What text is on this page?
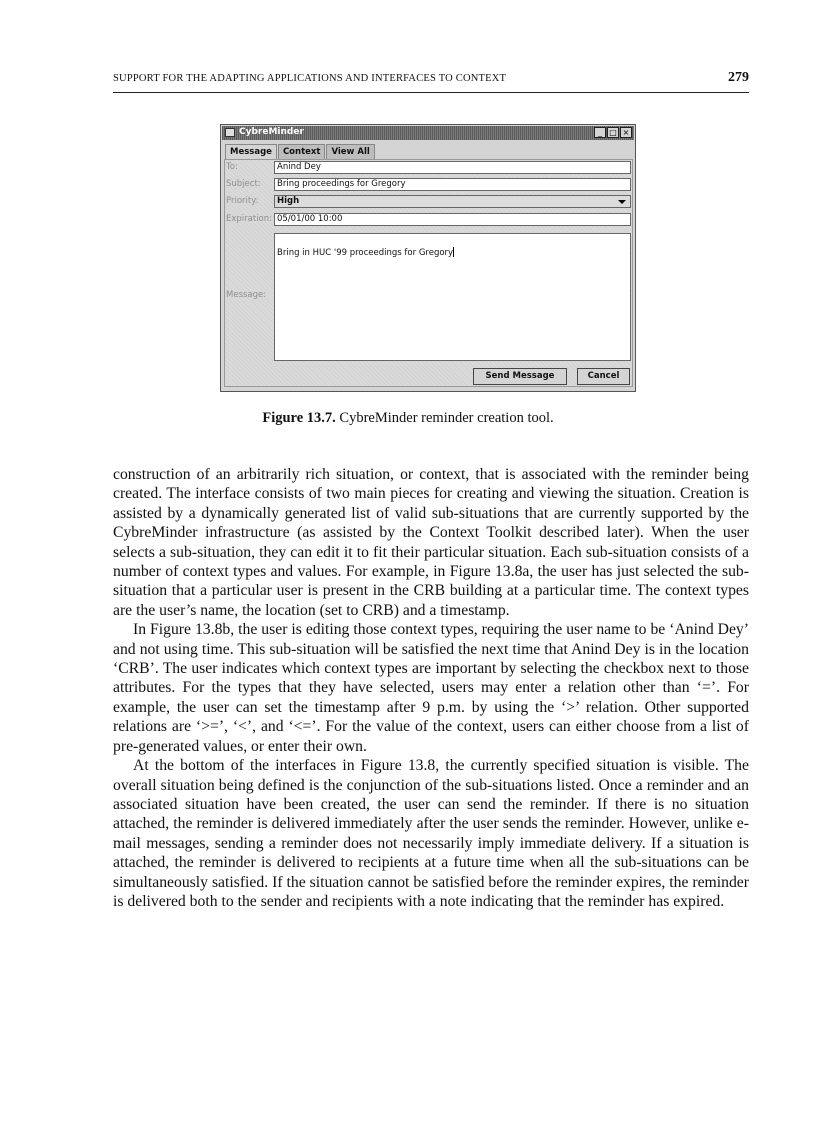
SUPPORT FOR THE ADAPTING APPLICATIONS AND INTERFACES TO CONTEXT	279
CybreMinder	_ □ ×
Message	Context	View All
To:	Anind Dey
Subject:	Bring proceedings for Gregory
Priority:	High
Expiration: 05/01/00 10:00
Message:
Bring in HUC '99 proceedings for Gregory
Send Message	Cancel
Figure 13.7. CybreMinder reminder creation tool.

construction of an arbitrarily rich situation, or context, that is associated with the reminder being created. The interface consists of two main pieces for creating and viewing the situation. Creation is assisted by a dynamically generated list of valid sub-situations that are currently supported by the CybreMinder infrastructure (as assisted by the Context Toolkit described later). When the user selects a sub-situation, they can edit it to fit their particular situation. Each sub-situation consists of a number of context types and values. For example, in Figure 13.8a, the user has just selected the sub-situation that a particular user is present in the CRB building at a particular time. The context types are the user’s name, the location (set to CRB) and a timestamp.

In Figure 13.8b, the user is editing those context types, requiring the user name to be ‘Anind Dey’ and not using time. This sub-situation will be satisfied the next time that Anind Dey is in the location ‘CRB’. The user indicates which context types are important by selecting the checkbox next to those attributes. For the types that they have selected, users may enter a relation other than ‘=’. For example, the user can set the timestamp after 9 p.m. by using the ‘>’ relation. Other supported relations are ‘>=’, ‘<’, and ‘<=’. For the value of the context, users can either choose from a list of pre-generated values, or enter their own.

At the bottom of the interfaces in Figure 13.8, the currently specified situation is visible. The overall situation being defined is the conjunction of the sub-situations listed. Once a reminder and an associated situation have been created, the user can send the reminder. If there is no situation attached, the reminder is delivered immediately after the user sends the reminder. However, unlike e-mail messages, sending a reminder does not necessarily imply immediate delivery. If a situation is attached, the reminder is delivered to recipients at a future time when all the sub-situations can be simultaneously satisfied. If the situation cannot be satisfied before the reminder expires, the reminder is delivered both to the sender and recipients with a note indicating that the reminder has expired.
